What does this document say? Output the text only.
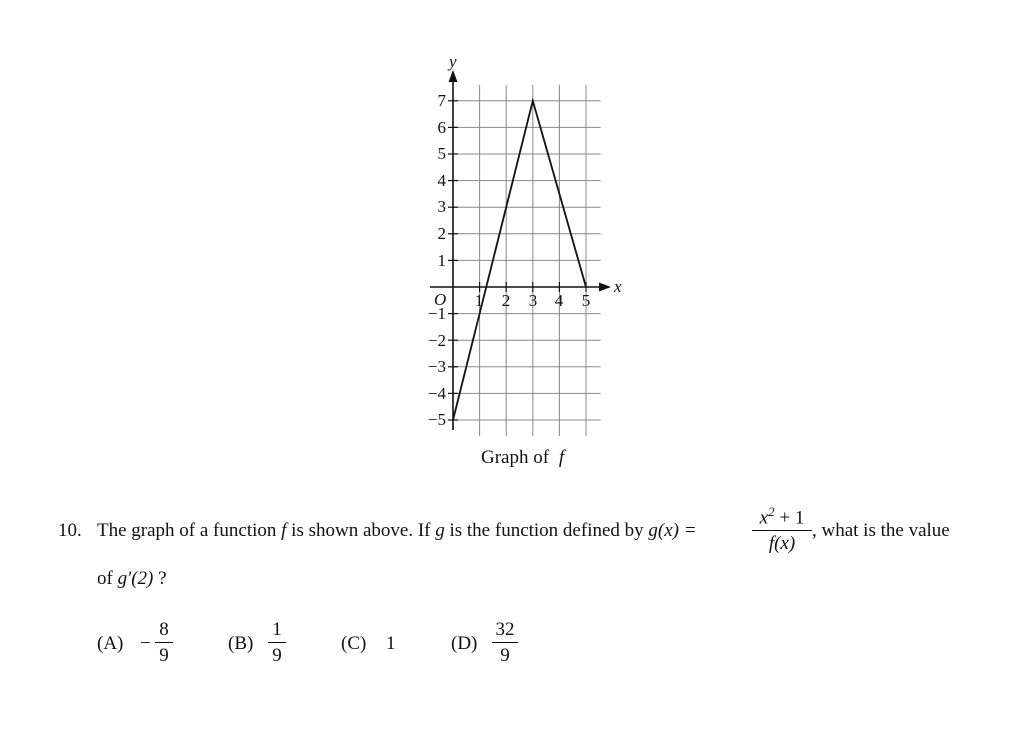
y
x
O 1 2 3 4 5
1
2
3
4
5
6
7
−1
−2
−3
−4
−5
Graph of f
10. The graph of a function f is shown above. If g is the function defined by g(x) =
$x^2 + 1$
f(x)
, what is the value
of g′(2) ?
(A) −
8
9
(B)
1
9
(C) 1	(D)
32
9
